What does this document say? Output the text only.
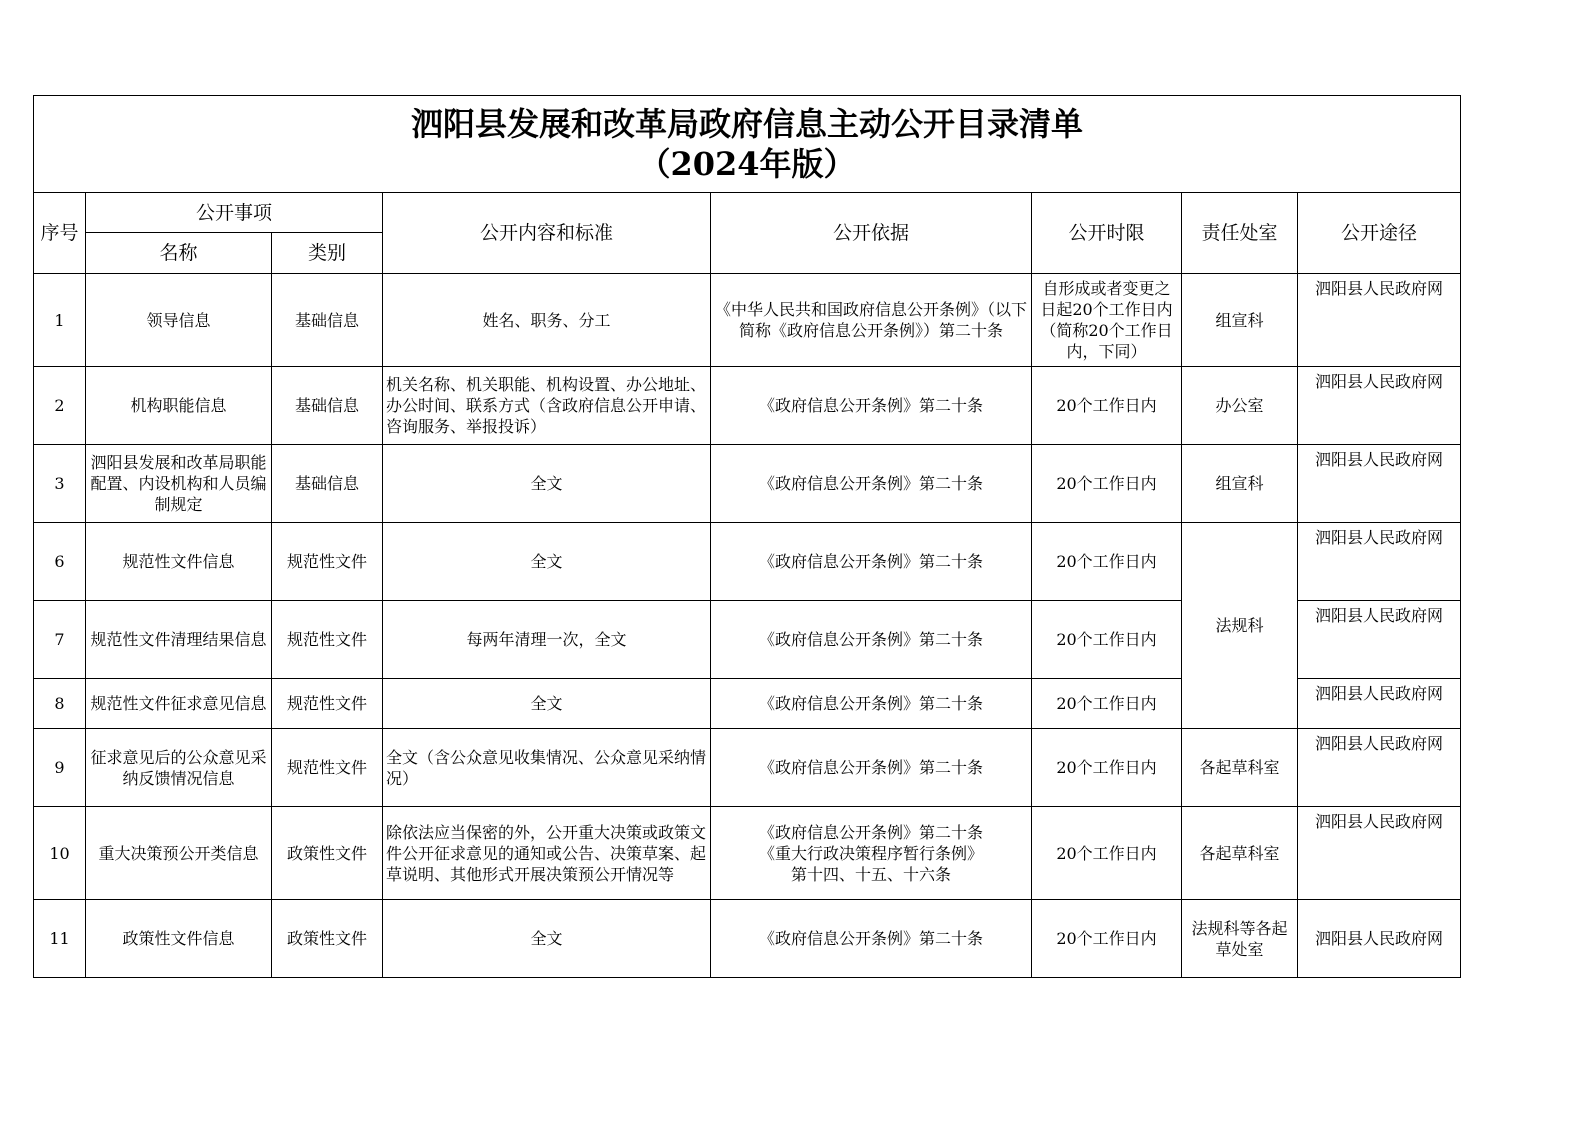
泗阳县发展和改革局政府信息主动公开目录清单
（2024年版）							

序号	公开事项		公开内容和标准	公开依据	公开时限	责任处室	公开途径
	名称	类别					
1	领导信息	基础信息	姓名、职务、分工	《中华人民共和国政府信息公开条例》（以下简称《政府信息公开条例》）第二十条	自形成或者变更之日起20个工作日内（简称20个工作日内，下同）	组宣科	泗阳县人民政府网
2	机构职能信息	基础信息	机关名称、机关职能、机构设置、办公地址、办公时间、联系方式（含政府信息公开申请、咨询服务、举报投诉）	《政府信息公开条例》第二十条	20个工作日内	办公室	泗阳县人民政府网
3	泗阳县发展和改革局职能配置、内设机构和人员编制规定	基础信息	全文	《政府信息公开条例》第二十条	20个工作日内	组宣科	泗阳县人民政府网
6	规范性文件信息	规范性文件	全文	《政府信息公开条例》第二十条	20个工作日内	法规科	泗阳县人民政府网
7	规范性文件清理结果信息	规范性文件	每两年清理一次，全文	《政府信息公开条例》第二十条	20个工作日内		泗阳县人民政府网
8	规范性文件征求意见信息	规范性文件	全文	《政府信息公开条例》第二十条	20个工作日内		泗阳县人民政府网
9	征求意见后的公众意见采纳反馈情况信息	规范性文件	全文（含公众意见收集情况、公众意见采纳情况）	《政府信息公开条例》第二十条	20个工作日内	各起草科室	泗阳县人民政府网
10	重大决策预公开类信息	政策性文件	除依法应当保密的外，公开重大决策或政策文件公开征求意见的通知或公告、决策草案、起草说明、其他形式开展决策预公开情况等	《政府信息公开条例》第二十条
《重大行政决策程序暂行条例》
第十四、十五、十六条	20个工作日内	各起草科室	泗阳县人民政府网
11	政策性文件信息	政策性文件	全文	《政府信息公开条例》第二十条	20个工作日内	法规科等各起草处室	泗阳县人民政府网
